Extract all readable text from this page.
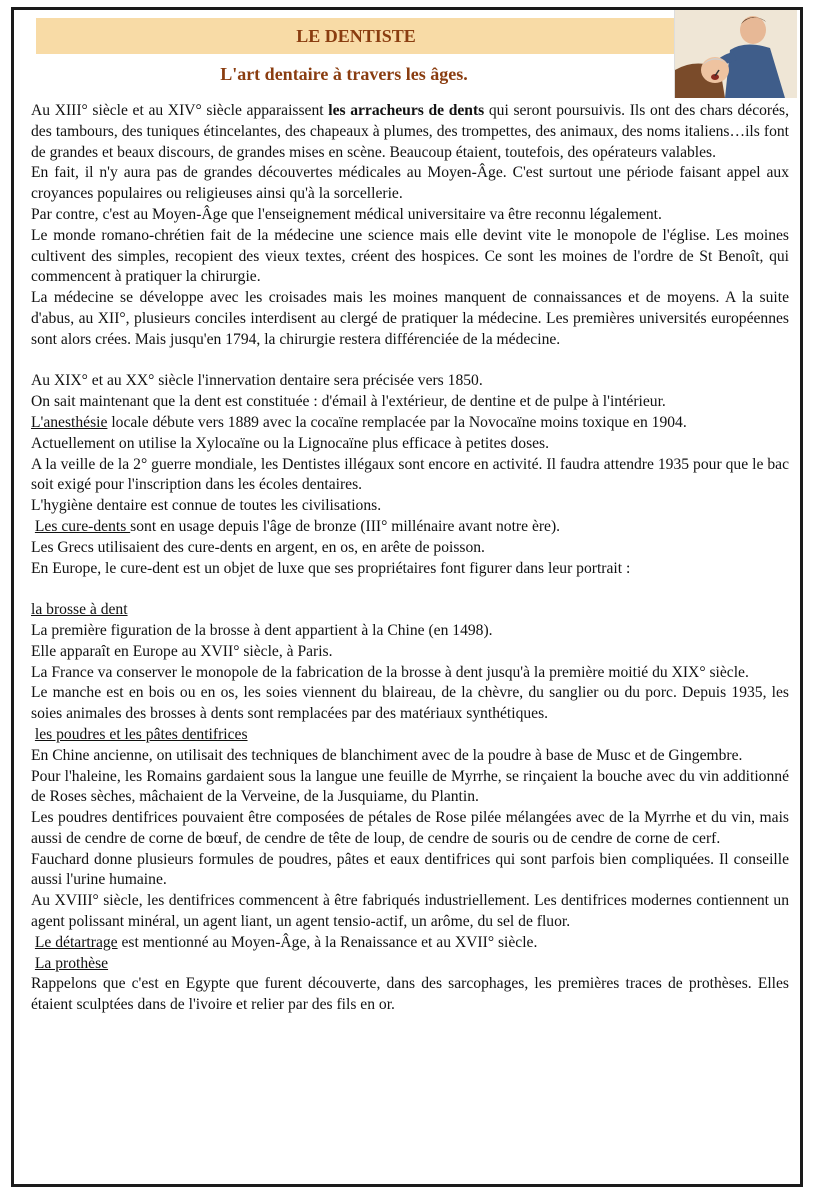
LE DENTISTE
L'art dentaire à travers les âges.

Au XIII° siècle et au XIV° siècle apparaissent les arracheurs de dents qui seront poursuivis. Ils ont des chars décorés, des tambours, des tuniques étincelantes, des chapeaux à plumes, des trompettes, des animaux, des noms italiens…ils font de grandes et beaux discours, de grandes mises en scène. Beaucoup étaient, toutefois, des opérateurs valables.

En fait, il n'y aura pas de grandes découvertes médicales au Moyen-Âge. C'est surtout une période faisant appel aux croyances populaires ou religieuses ainsi qu'à la sorcellerie.

Par contre, c'est au Moyen-Âge que l'enseignement médical universitaire va être reconnu légalement.

Le monde romano-chrétien fait de la médecine une science mais elle devint vite le monopole de l'église. Les moines cultivent des simples, recopient des vieux textes, créent des hospices. Ce sont les moines de l'ordre de St Benoît, qui commencent à pratiquer la chirurgie.

La médecine se développe avec les croisades mais les moines manquent de connaissances et de moyens. A la suite d'abus, au XII°, plusieurs conciles interdisent au clergé de pratiquer la médecine. Les premières universités européennes sont alors crées. Mais jusqu'en 1794, la chirurgie restera différenciée de la médecine.

Au XIX° et au XX° siècle l'innervation dentaire sera précisée vers 1850.

On sait maintenant que la dent est constituée : d'émail à l'extérieur, de dentine et de pulpe à l'intérieur.

L'anesthésie locale débute vers 1889 avec la cocaïne remplacée par la Novocaïne moins toxique en 1904.

Actuellement on utilise la Xylocaïne ou la Lignocaïne plus efficace à petites doses.

A la veille de la 2° guerre mondiale, les Dentistes illégaux sont encore en activité. Il faudra attendre 1935 pour que le bac soit exigé pour l'inscription dans les écoles dentaires.

L'hygiène dentaire est connue de toutes les civilisations.

Les cure-dents sont en usage depuis l'âge de bronze (III° millénaire avant notre ère).

Les Grecs utilisaient des cure-dents en argent, en os, en arête de poisson.

En Europe, le cure-dent est un objet de luxe que ses propriétaires font figurer dans leur portrait :

la brosse à dent

La première figuration de la brosse à dent appartient à la Chine (en 1498).

Elle apparaît en Europe au XVII° siècle, à Paris.

La France va conserver le monopole de la fabrication de la brosse à dent jusqu'à la première moitié du XIX° siècle.

Le manche est en bois ou en os, les soies viennent du blaireau, de la chèvre, du sanglier ou du porc. Depuis 1935, les soies animales des brosses à dents sont remplacées par des matériaux synthétiques.

les poudres et les pâtes dentifrices

En Chine ancienne, on utilisait des techniques de blanchiment avec de la poudre à base de Musc et de Gingembre.

Pour l'haleine, les Romains gardaient sous la langue une feuille de Myrrhe, se rinçaient la bouche avec du vin additionné de Roses sèches, mâchaient de la Verveine, de la Jusquiame, du Plantin.

Les poudres dentifrices pouvaient être composées de pétales de Rose pilée mélangées avec de la Myrrhe et du vin, mais aussi de cendre de corne de bœuf, de cendre de tête de loup, de cendre de souris ou de cendre de corne de cerf.

Fauchard donne plusieurs formules de poudres, pâtes et eaux dentifrices qui sont parfois bien compliquées. Il conseille aussi l'urine humaine.

Au XVIII° siècle, les dentifrices commencent à être fabriqués industriellement. Les dentifrices modernes contiennent un agent polissant minéral, un agent liant, un agent tensio-actif, un arôme, du sel de fluor.

Le détartrage est mentionné au Moyen-Âge, à la Renaissance et au XVII° siècle.

La prothèse

Rappelons que c'est en Egypte que furent découverte, dans des sarcophages, les premières traces de prothèses. Elles étaient sculptées dans de l'ivoire et relier par des fils en or.
